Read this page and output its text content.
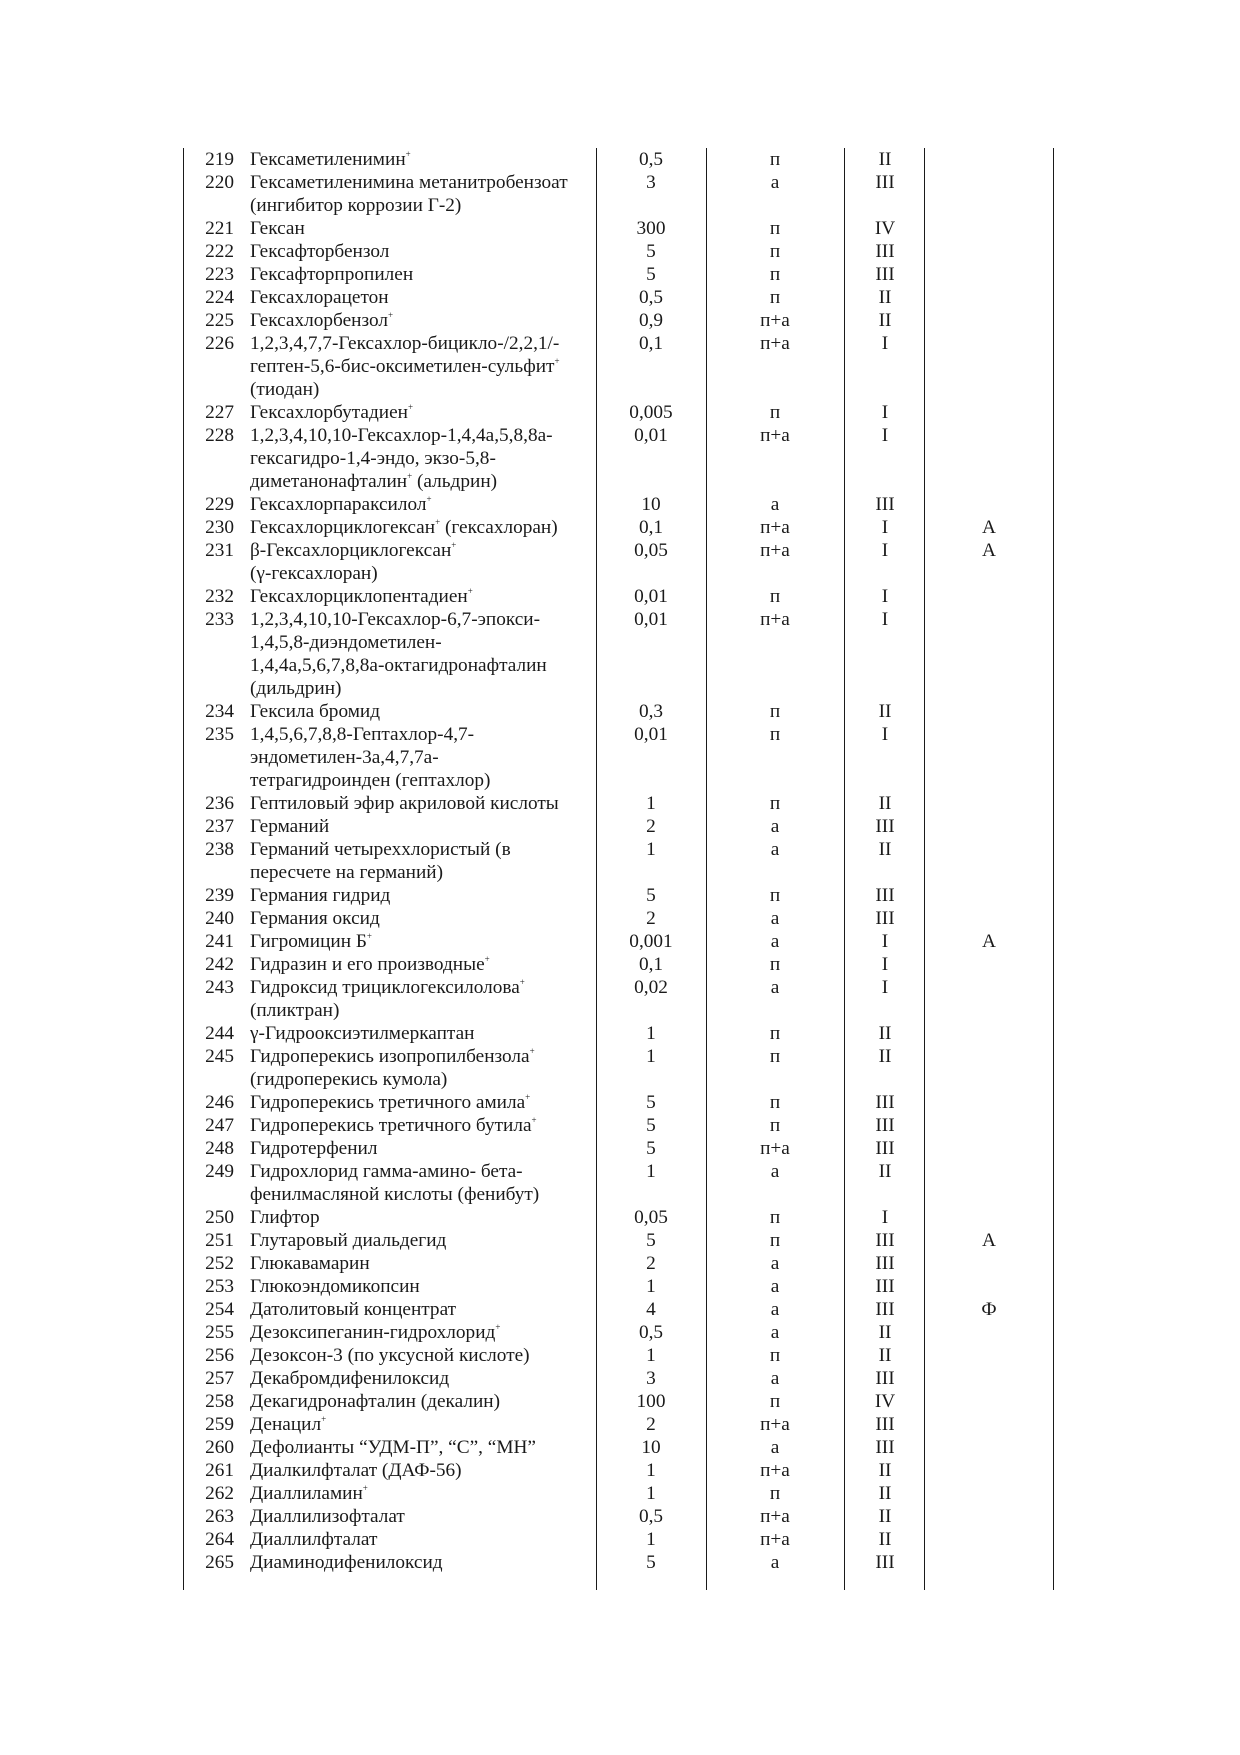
219 Гексаметиленимин+	0,5	п	II
220 Гексаметиленимина метанитробензоат
(ингибитор коррозии Г-2)
3	а	III
221 Гексан	300	п	IV
222 Гексафторбензол	5	п	III
223 Гексафторпропилен	5	п	III
224 Гексахлорацетон	0,5	п	II
225 Гексахлорбензол+	0,9	п+а	II
226 1,2,3,4,7,7-Гексахлор-бицикло-/2,2,1/-
гептен-5,6-бис-оксиметилен-сульфит+
(тиодан)
0,1	п+а	I
227 Гексахлорбутадиен+	0,005	п	I
228 1,2,3,4,10,10-Гексахлор-1,4,4а,5,8,8а-
гексагидро-1,4-эндо, экзо-5,8-
диметанонафталин+ (альдрин)
0,01	п+а	I
229 Гексахлорпараксилол+	10	а	III
230 Гексахлорциклогексан+ (гексахлоран)	0,1	п+а	I	А
231 β-Гексахлорциклогексан+
(γ-гексахлоран)
0,05	п+а	I	А
232 Гексахлорциклопентадиен+	0,01	п	I
233 1,2,3,4,10,10-Гексахлор-6,7-эпокси-
1,4,5,8-диэндометилен-
1,4,4а,5,6,7,8,8а-октагидронафталин
(дильдрин)
0,01	п+а	I
234 Гексила бромид	0,3	п	II
235 1,4,5,6,7,8,8-Гептахлор-4,7-
эндометилен-3а,4,7,7а-
тетрагидроинден (гептахлор)
0,01	п	I
236 Гептиловый эфир акриловой кислоты	1	п	II
237 Германий	2	а	III
238 Германий четыреххлористый (в
пересчете на германий)
1	а	II
239 Германия гидрид	5	п	III
240 Германия оксид	2	а	III
241 Гигромицин Б+	0,001	а	I	А
242 Гидразин и его производные+	0,1	п	I
243 Гидроксид трициклогексилолова+
(пликтран)
0,02	а	I
244 γ-Гидрооксиэтилмеркаптан	1	п	II
245 Гидроперекись изопропилбензола+
(гидроперекись кумола)
1	п	II
246 Гидроперекись третичного амила+	5	п	III
247 Гидроперекись третичного бутила+	5	п	III
248 Гидротерфенил	5	п+а	III
249 Гидрохлорид гамма-амино- бета-
фенилмасляной кислоты (фенибут)
1	а	II
250 Глифтор	0,05	п	I
251 Глутаровый диальдегид	5	п	III	А
252 Глюкавамарин	2	а	III
253 Глюкоэндомикопсин	1	а	III
254 Датолитовый концентрат	4	а	III	Ф
255 Дезоксипеганин-гидрохлорид+	0,5	а	II
256 Дезоксон-3 (по уксусной кислоте)	1	п	II
257 Декабромдифенилоксид	3	а	III
258 Декагидронафталин (декалин)	100	п	IV
259 Денацил+	2	п+а	III
260 Дефолианты “УДМ-П”, “С”, “МН”	10	а	III
261 Диалкилфталат (ДАФ-56)	1	п+а	II
262 Диаллиламин+	1	п	II
263 Диаллилизофталат	0,5	п+а	II
264 Диаллилфталат	1	п+а	II
265 Диаминодифенилоксид	5	а	III
